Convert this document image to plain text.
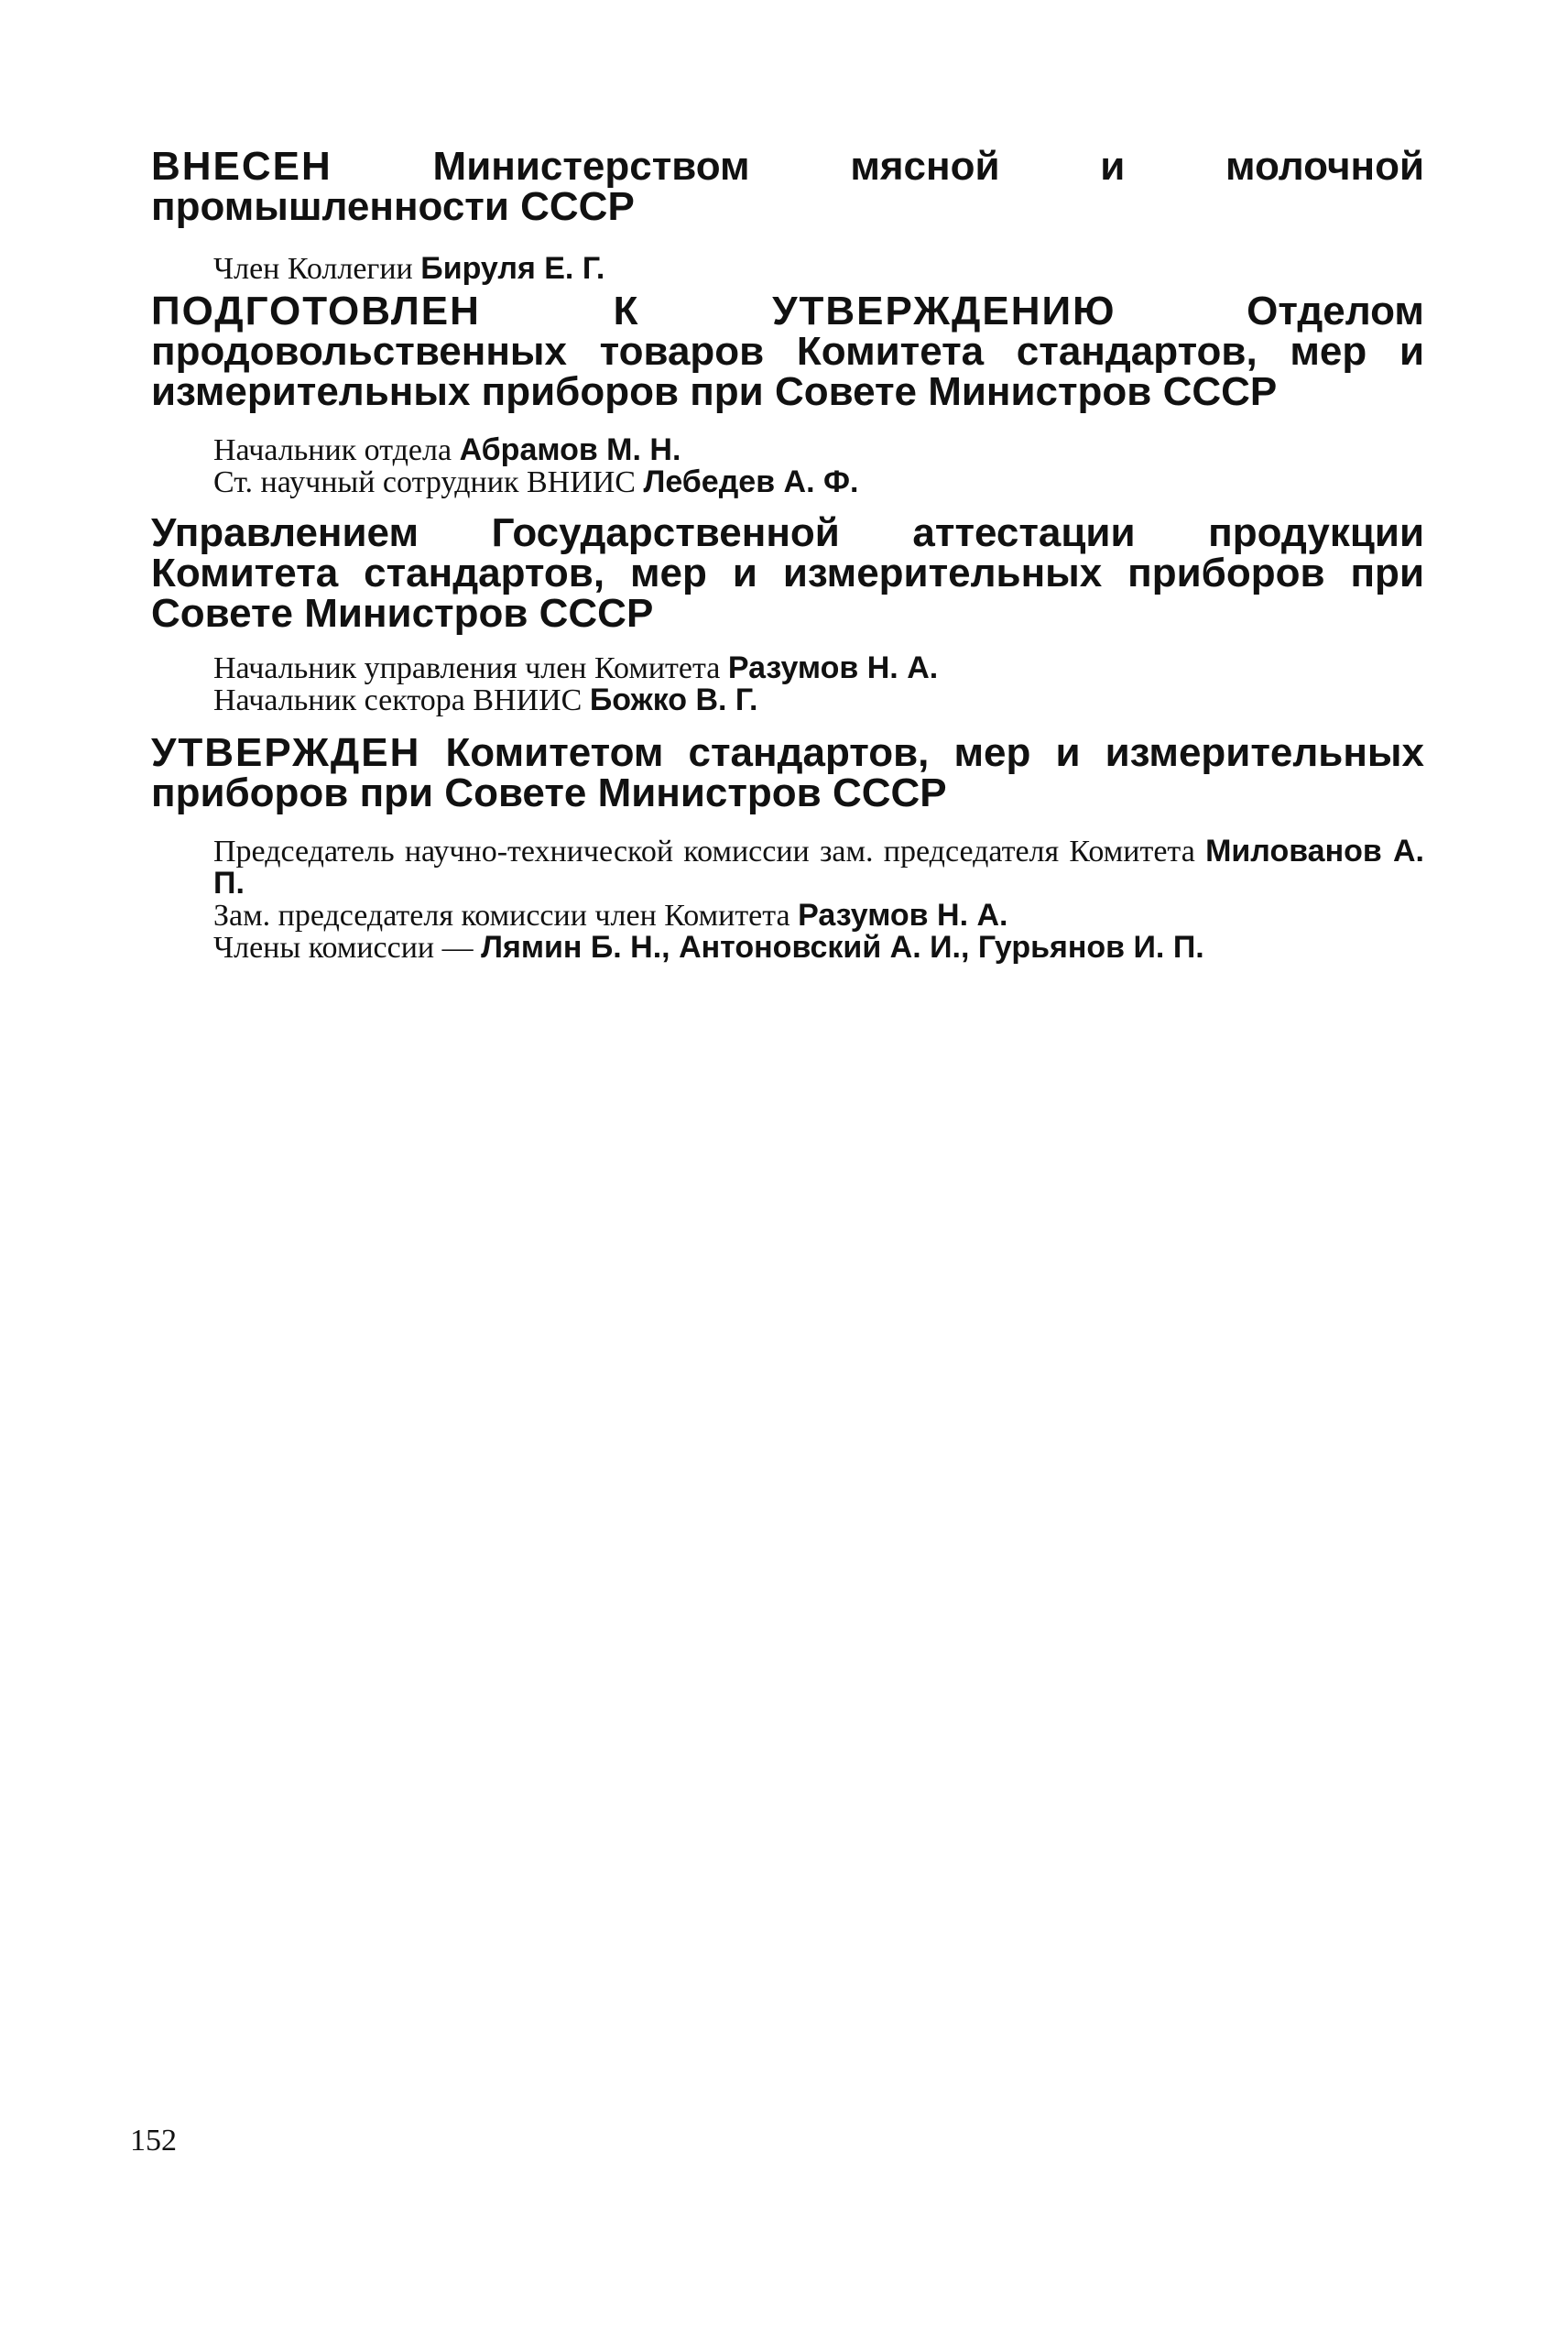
ВНЕСЕН Министерством мясной и молочной промышленности СССР

Член Коллегии Бируля Е. Г.

ПОДГОТОВЛЕН К УТВЕРЖДЕНИЮ	Отделом продовольственных товаров Комитета стандартов, мер и измерительных приборов при Совете Министров СССР

Начальник отдела Абрамов М. Н.

Ст. научный сотрудник ВНИИС Лебедев А. Ф.

Управлением Государственной аттестации продукции Комитета стандартов, мер и измерительных приборов при Совете Министров СССР

Начальник управления член Комитета Разумов Н. А.

Начальник сектора ВНИИС Божко В. Г.

УТВЕРЖДЕН Комитетом стандартов, мер и измерительных приборов при Совете Министров СССР

Председатель научно-технической комиссии зам. председателя Комитета Милованов А. П.

Зам. председателя комиссии член Комитета Разумов Н. А.

Члены комиссии — Лямин Б. Н., Антоновский А. И., Гурьянов И. П.

152
